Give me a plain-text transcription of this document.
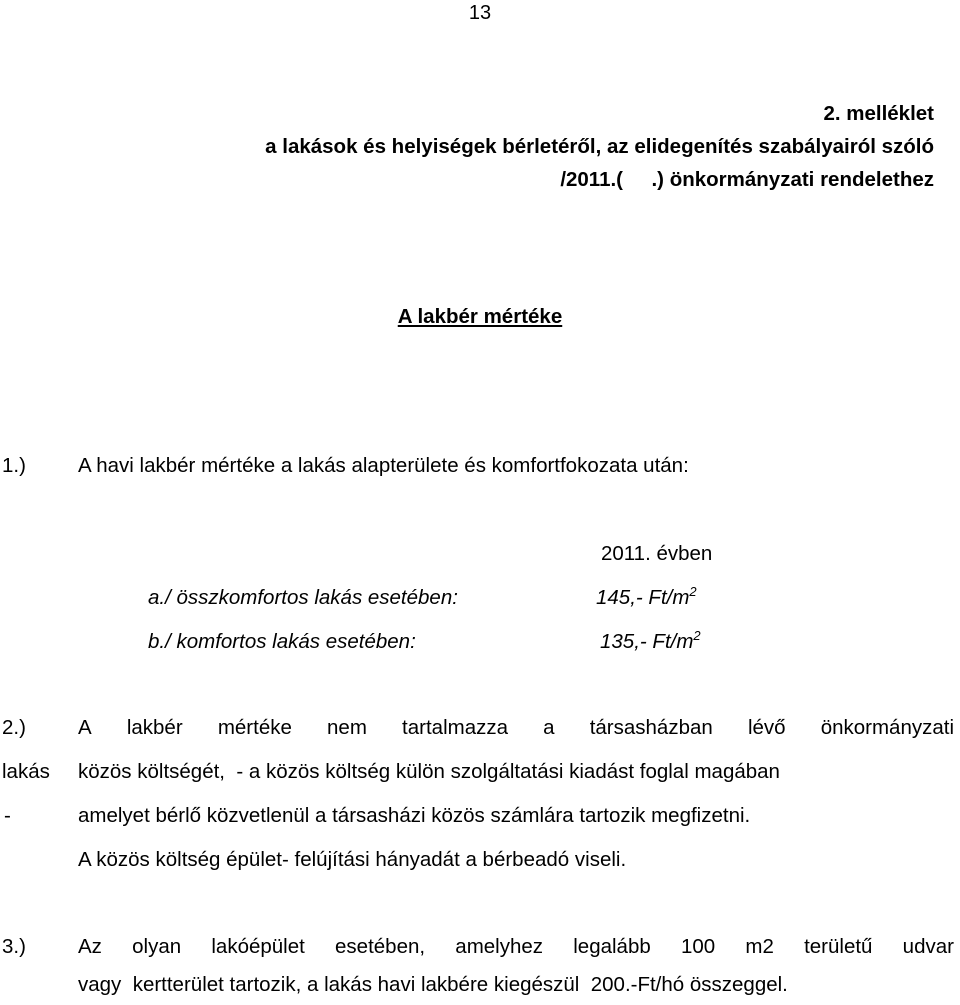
13
2. melléklet
a lakások és helyiségek bérletéről, az elidegenítés szabályairól szóló
/2011.(     .) önkormányzati rendelethez
A lakbér mértéke
1.)	A havi lakbér mértéke a lakás alapterülete és komfortfokozata után:
2011. évben
a./ összkomfortos lakás esetében:	145,- $Ft/m^2$
b./ komfortos lakás esetében:	135,- $Ft/m^2$
2.)	A lakbér mértéke nem tartalmazza a társasházban lévő önkormányzati
lakás közös költségét,  - a közös költség külön szolgáltatási kiadást foglal magában
-	amelyet bérlő közvetlenül a társasházi közös számlára tartozik megfizetni.
A közös költség épület- felújítási hányadát a bérbeadó viseli.
3.)	Az olyan lakóépület esetében, amelyhez legalább 100 m2 területű udvar
vagy  kertterület tartozik, a lakás havi lakbére kiegészül  200.-Ft/hó összeggel.
